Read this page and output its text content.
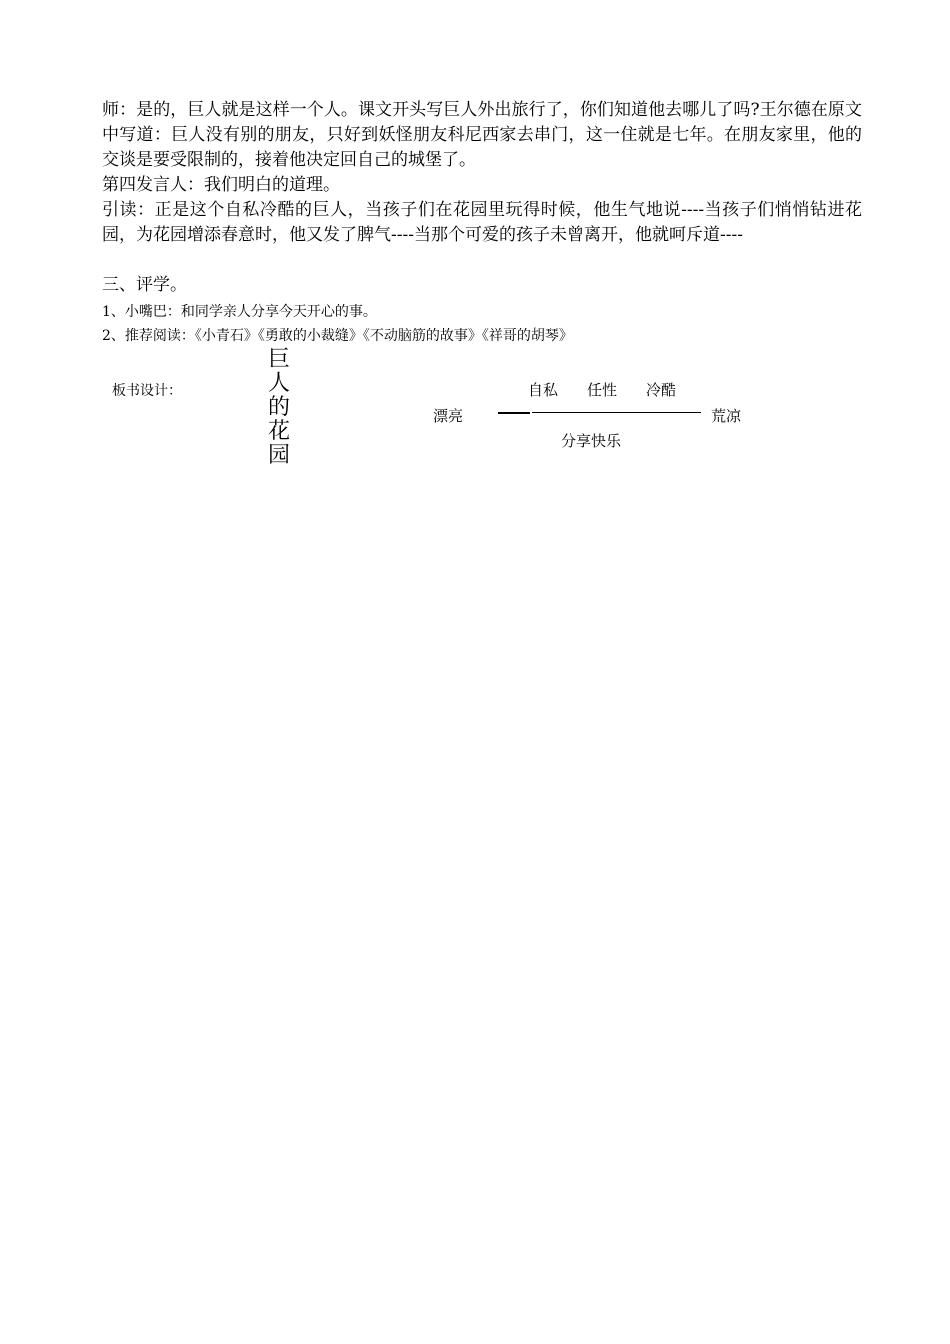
师：是的，巨人就是这样一个人。课文开头写巨人外出旅行了，你们知道他去哪儿了吗?王尔德在原文中写道：巨人没有别的朋友，只好到妖怪朋友科尼西家去串门，这一住就是七年。在朋友家里，他的交谈是要受限制的，接着他决定回自己的城堡了。

第四发言人：我们明白的道理。

引读：正是这个自私冷酷的巨人，当孩子们在花园里玩得时候，他生气地说----当孩子们悄悄钻进花园，为花园增添春意时，他又发了脾气----当那个可爱的孩子未曾离开，他就呵斥道----

三、评学。

1、小嘴巴：和同学亲人分享今天开心的事。
2、推荐阅读：《小青石》《勇敢的小裁缝》《不动脑筋的故事》《祥哥的胡琴》
板书设计：
巨
人
的
花
园
自私 任性 冷酷
漂亮	荒凉
分享快乐
